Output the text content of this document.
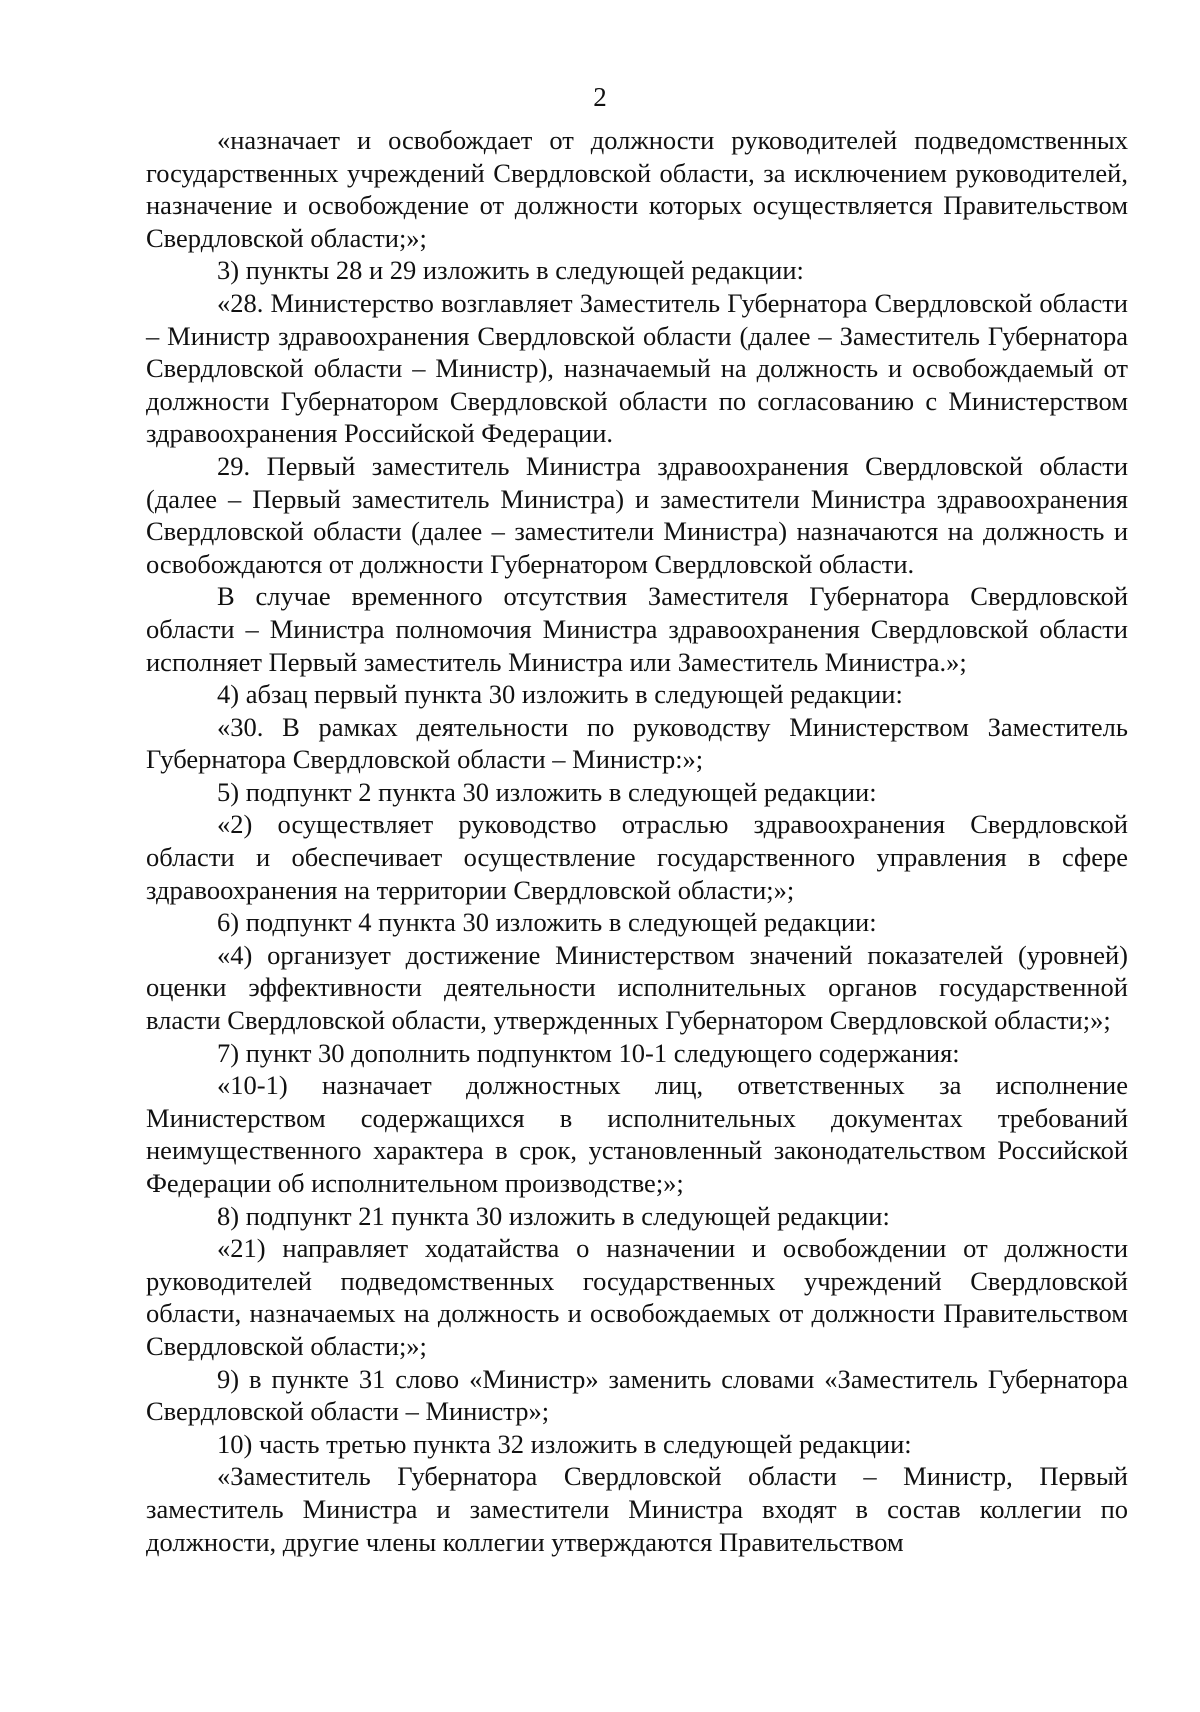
2

«назначает и освобождает от должности руководителей подведомственных государственных учреждений Свердловской области, за исключением руководителей, назначение и освобождение от должности которых осуществляется Правительством Свердловской области;»;

3) пункты 28 и 29 изложить в следующей редакции:

«28. Министерство возглавляет Заместитель Губернатора Свердловской области – Министр здравоохранения Свердловской области (далее – Заместитель Губернатора Свердловской области – Министр), назначаемый на должность и освобождаемый от должности Губернатором Свердловской области по согласованию с Министерством здравоохранения Российской Федерации.

29. Первый заместитель Министра здравоохранения Свердловской области (далее – Первый заместитель Министра) и заместители Министра здравоохранения Свердловской области (далее – заместители Министра) назначаются на должность и освобождаются от должности Губернатором Свердловской области.

В случае временного отсутствия Заместителя Губернатора Свердловской области – Министра полномочия Министра здравоохранения Свердловской области исполняет Первый заместитель Министра или Заместитель Министра.»;

4) абзац первый пункта 30 изложить в следующей редакции:

«30. В рамках деятельности по руководству Министерством Заместитель Губернатора Свердловской области – Министр:»;

5) подпункт 2 пункта 30 изложить в следующей редакции:

«2) осуществляет руководство отраслью здравоохранения Свердловской области и обеспечивает осуществление государственного управления в сфере здравоохранения на территории Свердловской области;»;

6) подпункт 4 пункта 30 изложить в следующей редакции:

«4) организует достижение Министерством значений показателей (уровней) оценки эффективности деятельности исполнительных органов государственной власти Свердловской области, утвержденных Губернатором Свердловской области;»;

7) пункт 30 дополнить подпунктом 10-1 следующего содержания:

«10-1) назначает должностных лиц, ответственных за исполнение Министерством содержащихся в исполнительных документах требований неимущественного характера в срок, установленный законодательством Российской Федерации об исполнительном производстве;»;

8) подпункт 21 пункта 30 изложить в следующей редакции:

«21) направляет ходатайства о назначении и освобождении от должности руководителей подведомственных государственных учреждений Свердловской области, назначаемых на должность и освобождаемых от должности Правительством Свердловской области;»;

9) в пункте 31 слово «Министр» заменить словами «Заместитель Губернатора Свердловской области – Министр»;

10) часть третью пункта 32 изложить в следующей редакции:

«Заместитель Губернатора Свердловской области – Министр, Первый заместитель Министра и заместители Министра входят в состав коллегии по должности, другие члены коллегии утверждаются Правительством
